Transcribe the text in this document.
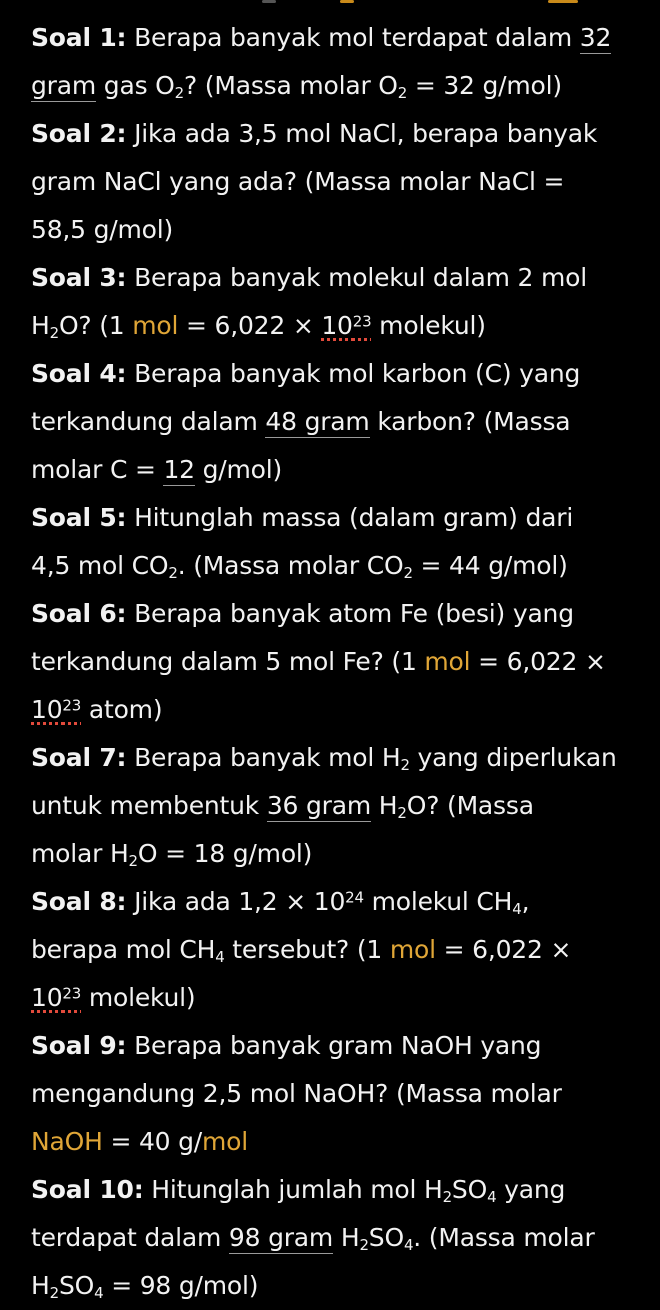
Soal 1: Berapa banyak mol terdapat dalam 32
gram gas $O_2$? (Massa molar $O_2 = 32$ g/mol)
Soal 2: Jika ada 3,5 mol NaCl, berapa banyak
gram NaCl yang ada? (Massa molar NaCl =
58,5 g/mol)
Soal 3: Berapa banyak molekul dalam 2 mol
$H_2O$? (1 mol = $6,022 \times 10^{23}$ molekul)
Soal 4: Berapa banyak mol karbon (C) yang
terkandung dalam 48 gram karbon? (Massa
molar C = 12 g/mol)
Soal 5: Hitunglah massa (dalam gram) dari
4,5 mol $CO_2$. (Massa molar $CO_2 = 44$ g/mol)
Soal 6: Berapa banyak atom Fe (besi) yang
terkandung dalam 5 mol Fe? (1 mol = 6,022 ×
$10^{23}$ atom)
Soal 7: Berapa banyak mol $H_2$ yang diperlukan
untuk membentuk 36 gram $H_2O$? (Massa
molar $H_2O = 18$ g/mol)
Soal 8: Jika ada $1,2 \times 10^{24}$ molekul $CH_4$,
berapa mol $CH_4$ tersebut? (1 mol = 6,022 ×
$10^{23}$ molekul)
Soal 9: Berapa banyak gram NaOH yang
mengandung 2,5 mol NaOH? (Massa molar
NaOH = 40 g/mol
Soal 10: Hitunglah jumlah mol $H_2SO_4$ yang
terdapat dalam 98 gram $H_2SO_4$. (Massa molar
$H_2SO_4 = 98$ g/mol)
